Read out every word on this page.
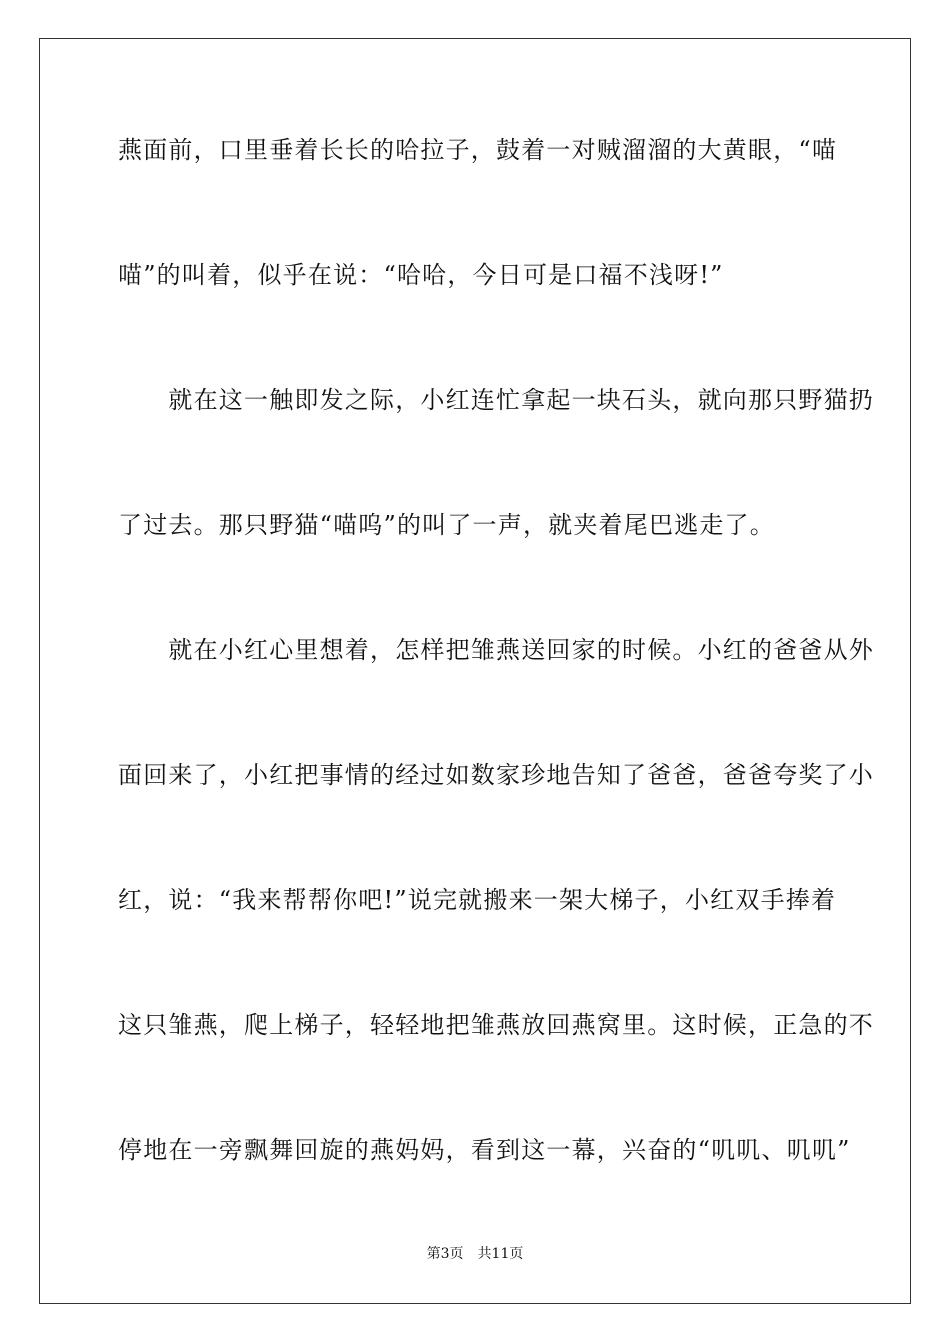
燕面前，口里垂着长长的哈拉子，鼓着一对贼溜溜的大黄眼，“喵
喵”的叫着，似乎在说：“哈哈，今日可是口福不浅呀!”
　　就在这一触即发之际，小红连忙拿起一块石头，就向那只野猫扔
了过去。那只野猫“喵呜”的叫了一声，就夹着尾巴逃走了。
　　就在小红心里想着，怎样把雏燕送回家的时候。小红的爸爸从外
面回来了，小红把事情的经过如数家珍地告知了爸爸，爸爸夸奖了小
红，说：“我来帮帮你吧!”说完就搬来一架大梯子，小红双手捧着
这只雏燕，爬上梯子，轻轻地把雏燕放回燕窝里。这时候，正急的不
停地在一旁飘舞回旋的燕妈妈，看到这一幕，兴奋的“叽叽、叽叽”
第3页 共11页
